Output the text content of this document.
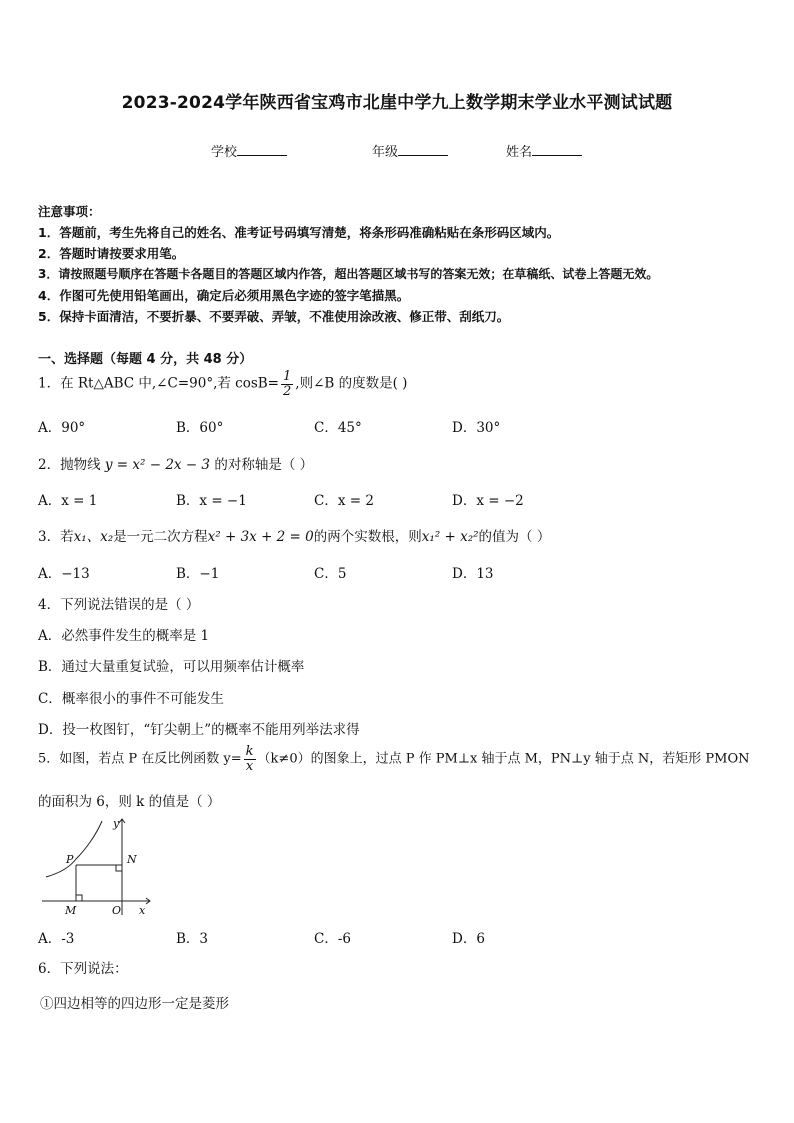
2023-2024学年陕西省宝鸡市北崖中学九上数学期末学业水平测试试题
学校	年级	姓名
注意事项：
1．答题前，考生先将自己的姓名、准考证号码填写清楚，将条形码准确粘贴在条形码区域内。
2．答题时请按要求用笔。
3．请按照题号顺序在答题卡各题目的答题区域内作答，超出答题区域书写的答案无效；在草稿纸、试卷上答题无效。
4．作图可先使用铅笔画出，确定后必须用黑色字迹的签字笔描黑。
5．保持卡面清洁，不要折暴、不要弄破、弄皱，不准使用涂改液、修正带、刮纸刀。
一、选择题（每题 4 分，共 48 分）
1．在 Rt△ABC 中,∠C=90°,若 $\cos B= \frac{1}{2}$ ,则∠B 的度数是( )
A．90°	B．60°	C．45°	D．30°
2．抛物线 y = x² − 2x − 3 的对称轴是（ ）
A．x = 1	B．x = −1	C．x = 2	D．x = −2
3．若x₁、x₂是一元二次方程x² + 3x + 2 = 0的两个实数根，则x₁² + x₂²的值为（ ）
A．−13	B．−1	C．5	D．13
4．下列说法错误的是（ ）
A．必然事件发生的概率是 1
B．通过大量重复试验，可以用频率估计概率
C．概率很小的事件不可能发生
D．投一枚图钉，“钉尖朝上”的概率不能用列举法求得
5．如图，若点 P 在反比例函数 $y= \frac{k}{x} (k\ne 0)$的图象上，过点 P 作 PM⊥x 轴于点 M，PN⊥y 轴于点 N，若矩形 PMON
的面积为 6，则 k 的值是（ ）
P	N
M	O x
y
A．-3	B．3	C．-6	D．6
6．下列说法：
①四边相等的四边形一定是菱形
